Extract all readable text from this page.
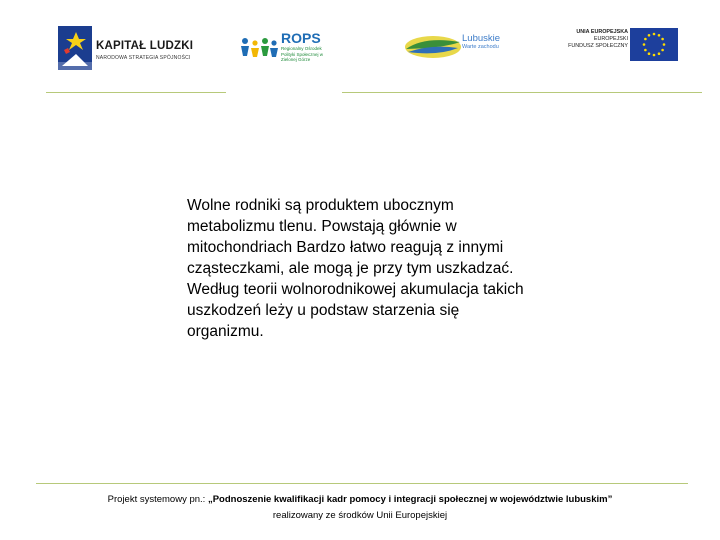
KAPITAŁ LUDZKI
NARODOWA STRATEGIA SPÓJNOŚCI
ROPS
Regionalny Ośrodek Polityki Społecznej w Zielonej Górze
Lubuskie
Warte zachodu
UNIA EUROPEJSKA
EUROPEJSKI
FUNDUSZ SPOŁECZNY

Wolne rodniki są produktem ubocznym metabolizmu tlenu. Powstają głównie w mitochondriach Bardzo łatwo reagują z innymi cząsteczkami, ale mogą je przy tym uszkadzać. Według teorii wolnorodnikowej akumulacja takich uszkodzeń leży u podstaw starzenia się organizmu.

Projekt systemowy pn.: „Podnoszenie kwalifikacji kadr pomocy i integracji społecznej w województwie lubuskim”
realizowany ze środków Unii Europejskiej
